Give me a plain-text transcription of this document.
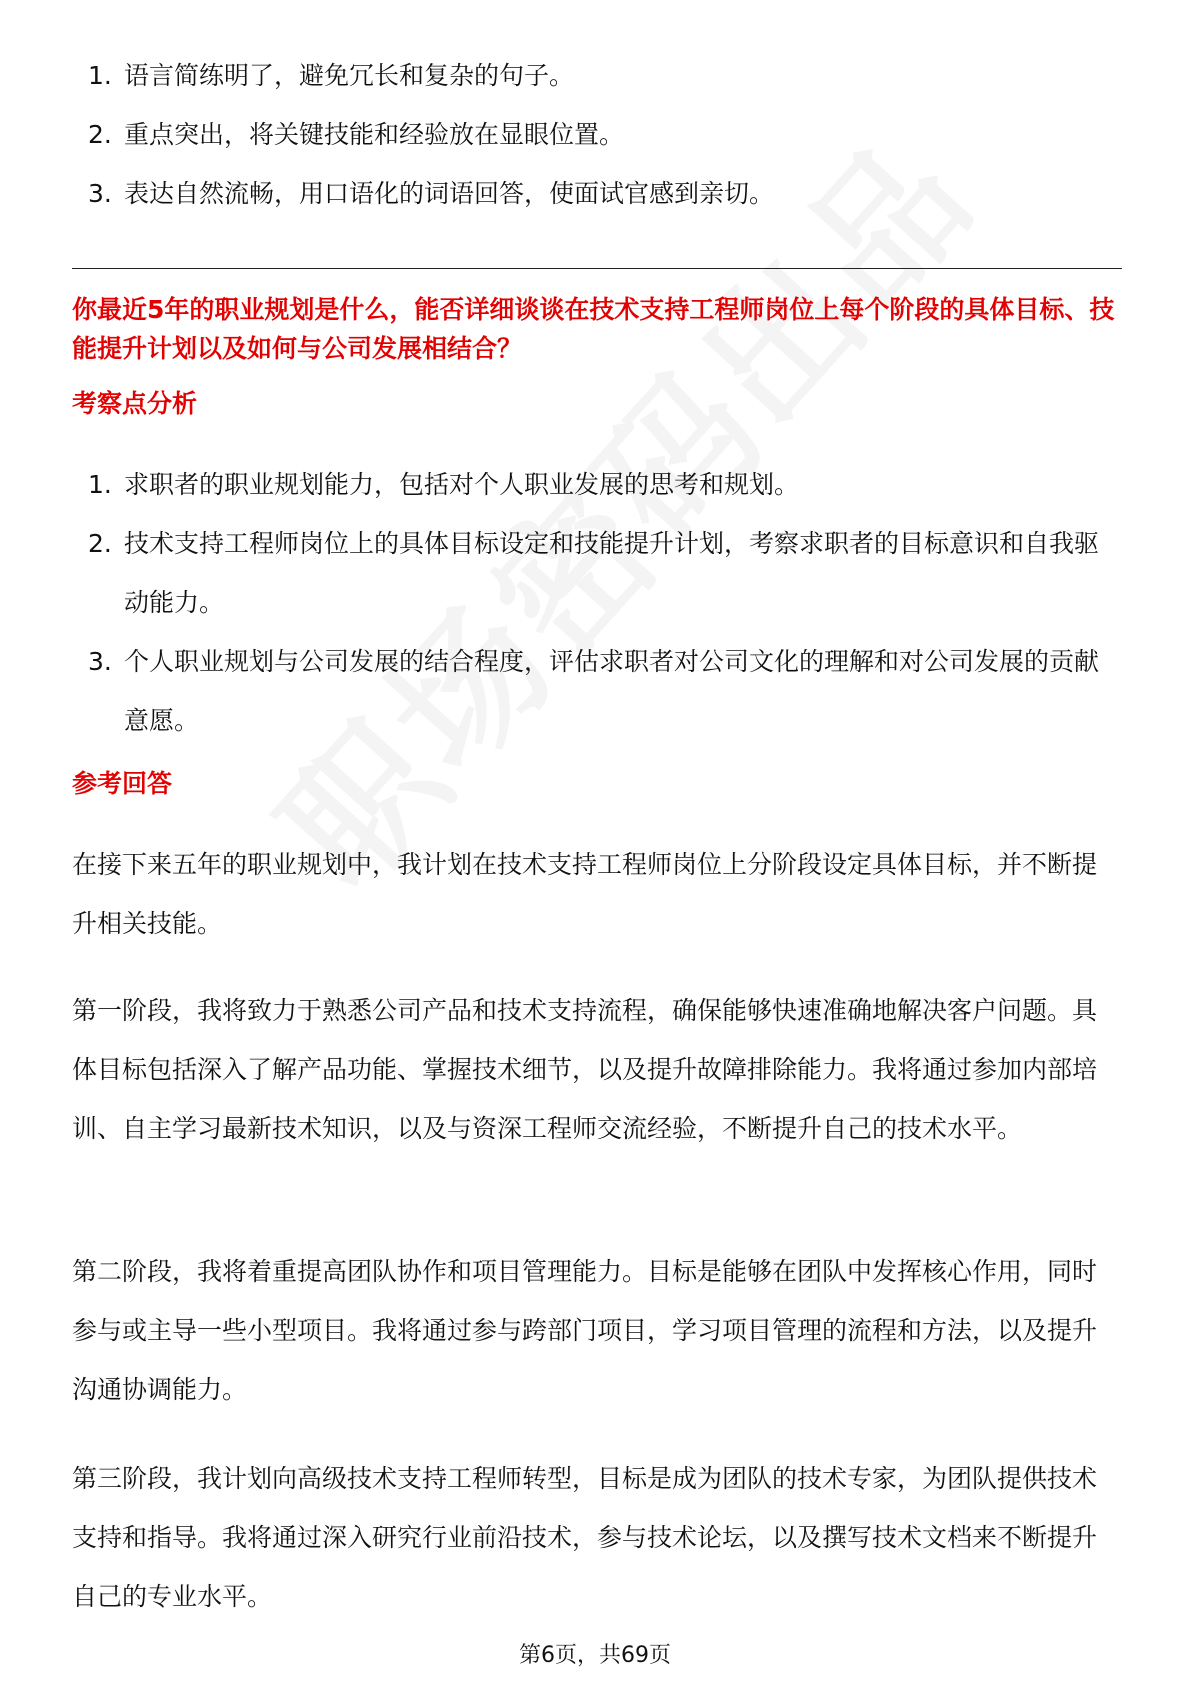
1. 语言简练明了，避免冗长和复杂的句子。
2. 重点突出，将关键技能和经验放在显眼位置。
3. 表达自然流畅，用口语化的词语回答，使面试官感到亲切。
你最近5年的职业规划是什么，能否详细谈谈在技术支持工程师岗位上每个阶段的具体目标、技能提升计划以及如何与公司发展相结合？
考察点分析
1. 求职者的职业规划能力，包括对个人职业发展的思考和规划。
2. 技术支持工程师岗位上的具体目标设定和技能提升计划，考察求职者的目标意识和自我驱动能力。
3. 个人职业规划与公司发展的结合程度，评估求职者对公司文化的理解和对公司发展的贡献意愿。
参考回答

在接下来五年的职业规划中，我计划在技术支持工程师岗位上分阶段设定具体目标，并不断提升相关技能。

第一阶段，我将致力于熟悉公司产品和技术支持流程，确保能够快速准确地解决客户问题。具体目标包括深入了解产品功能、掌握技术细节，以及提升故障排除能力。我将通过参加内部培训、自主学习最新技术知识，以及与资深工程师交流经验，不断提升自己的技术水平。

第二阶段，我将着重提高团队协作和项目管理能力。目标是能够在团队中发挥核心作用，同时参与或主导一些小型项目。我将通过参与跨部门项目，学习项目管理的流程和方法，以及提升沟通协调能力。

第三阶段，我计划向高级技术支持工程师转型，目标是成为团队的技术专家，为团队提供技术支持和指导。我将通过深入研究行业前沿技术，参与技术论坛，以及撰写技术文档来不断提升自己的专业水平。

第6页，共69页
